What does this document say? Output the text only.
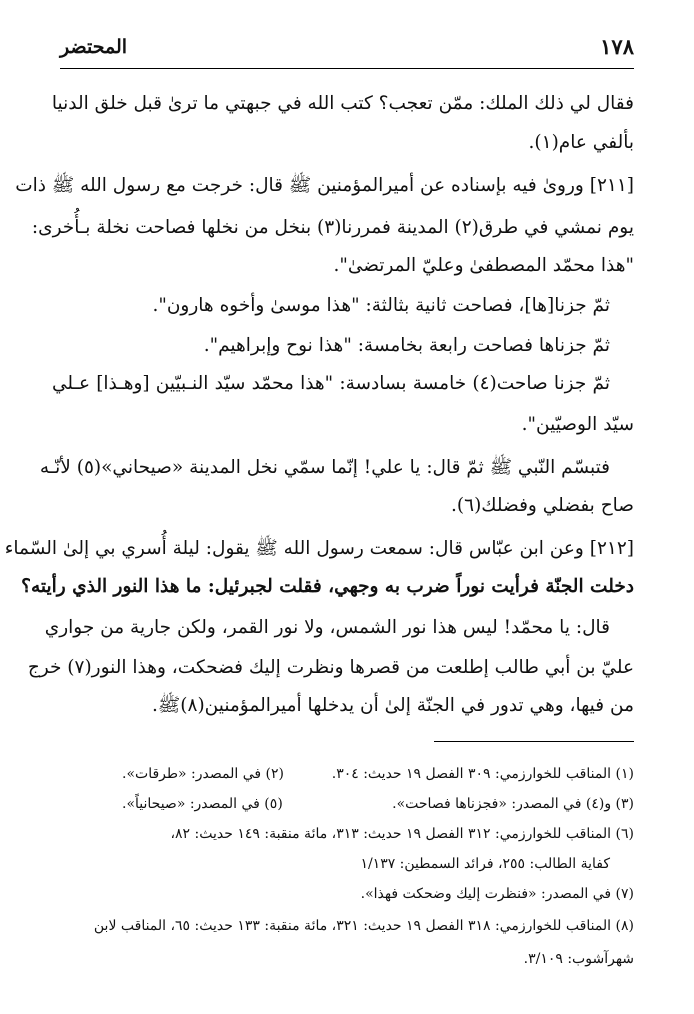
١٧٨
المحتضر
فقال لي ذلك الملك: ممّن تعجب؟ كتب الله في جبهتي ما ترىٰ قبل خلق الدنيا
بألفي عام(١).
[٢١١] ورویٰ فيه بإسناده عن أميرالمؤمنين ﷺ قال: خرجت مع رسول الله ﷺ ذات
يوم نمشي في طرق(٢) المدينة فمررنا(٣) بنخل من نخلها فصاحت نخلة بـأُخرى:
"هذا محمّد المصطفىٰ وعليّ المرتضىٰ".
ثمّ جزنا[ها]، فصاحت ثانية بثالثة: "هذا موسىٰ وأخوه هارون".
ثمّ جزناها فصاحت رابعة بخامسة: "هذا نوح وإبراهيم".
ثمّ جزنا صاحت(٤) خامسة بسادسة: "هذا محمّد سيّد النـبيّين [وهـذا] عـلي
سيّد الوصيّين".
فتبسّم النّبي ﷺ ثمّ قال: يا علي! إنّما سمّي نخل المدينة «صيحاني»(٥) لأنّـه
صاح بفضلي وفضلك(٦).
[٢١٢] وعن ابن عبّاس قال: سمعت رسول الله ﷺ يقول: ليلة أُسري بي إلىٰ السّماء
دخلت الجنّة فرأيت نوراً ضرب به وجهي، فقلت لجبرئيل: ما هذا النور الذي رأيته؟
قال: يا محمّد! ليس هذا نور الشمس، ولا نور القمر، ولكن جارية من جواري
عليّ بن أبي طالب إطلعت من قصرها ونظرت إليك فضحكت، وهذا النور(٧) خرج
من فيها، وهي تدور في الجنّة إلىٰ أن يدخلها أميرالمؤمنين(٨)ﷺ.
(١) المناقب للخوارزمي: ٣٠٩ الفصل ١٩ حديث: ٣٠٤.
(٢) في المصدر: «طرقات».
(٣) و(٤) في المصدر: «فجزناها فصاحت».
(٥) في المصدر: «صيحانياً».
(٦) المناقب للخوارزمي: ٣١٢ الفصل ١٩ حديث: ٣١٣، مائة منقبة: ١٤٩ حديث: ٨٢،
كفاية الطالب: ٢٥٥، فرائد السمطين: ١/١٣٧
(٧) في المصدر: «فنظرت إليك وضحكت فهذا».
(٨) المناقب للخوارزمي: ٣١٨ الفصل ١٩ حديث: ٣٢١، مائة منقبة: ١٣٣ حديث: ٦٥، المناقب لابن
شهرآشوب: ٣/١٠٩.
